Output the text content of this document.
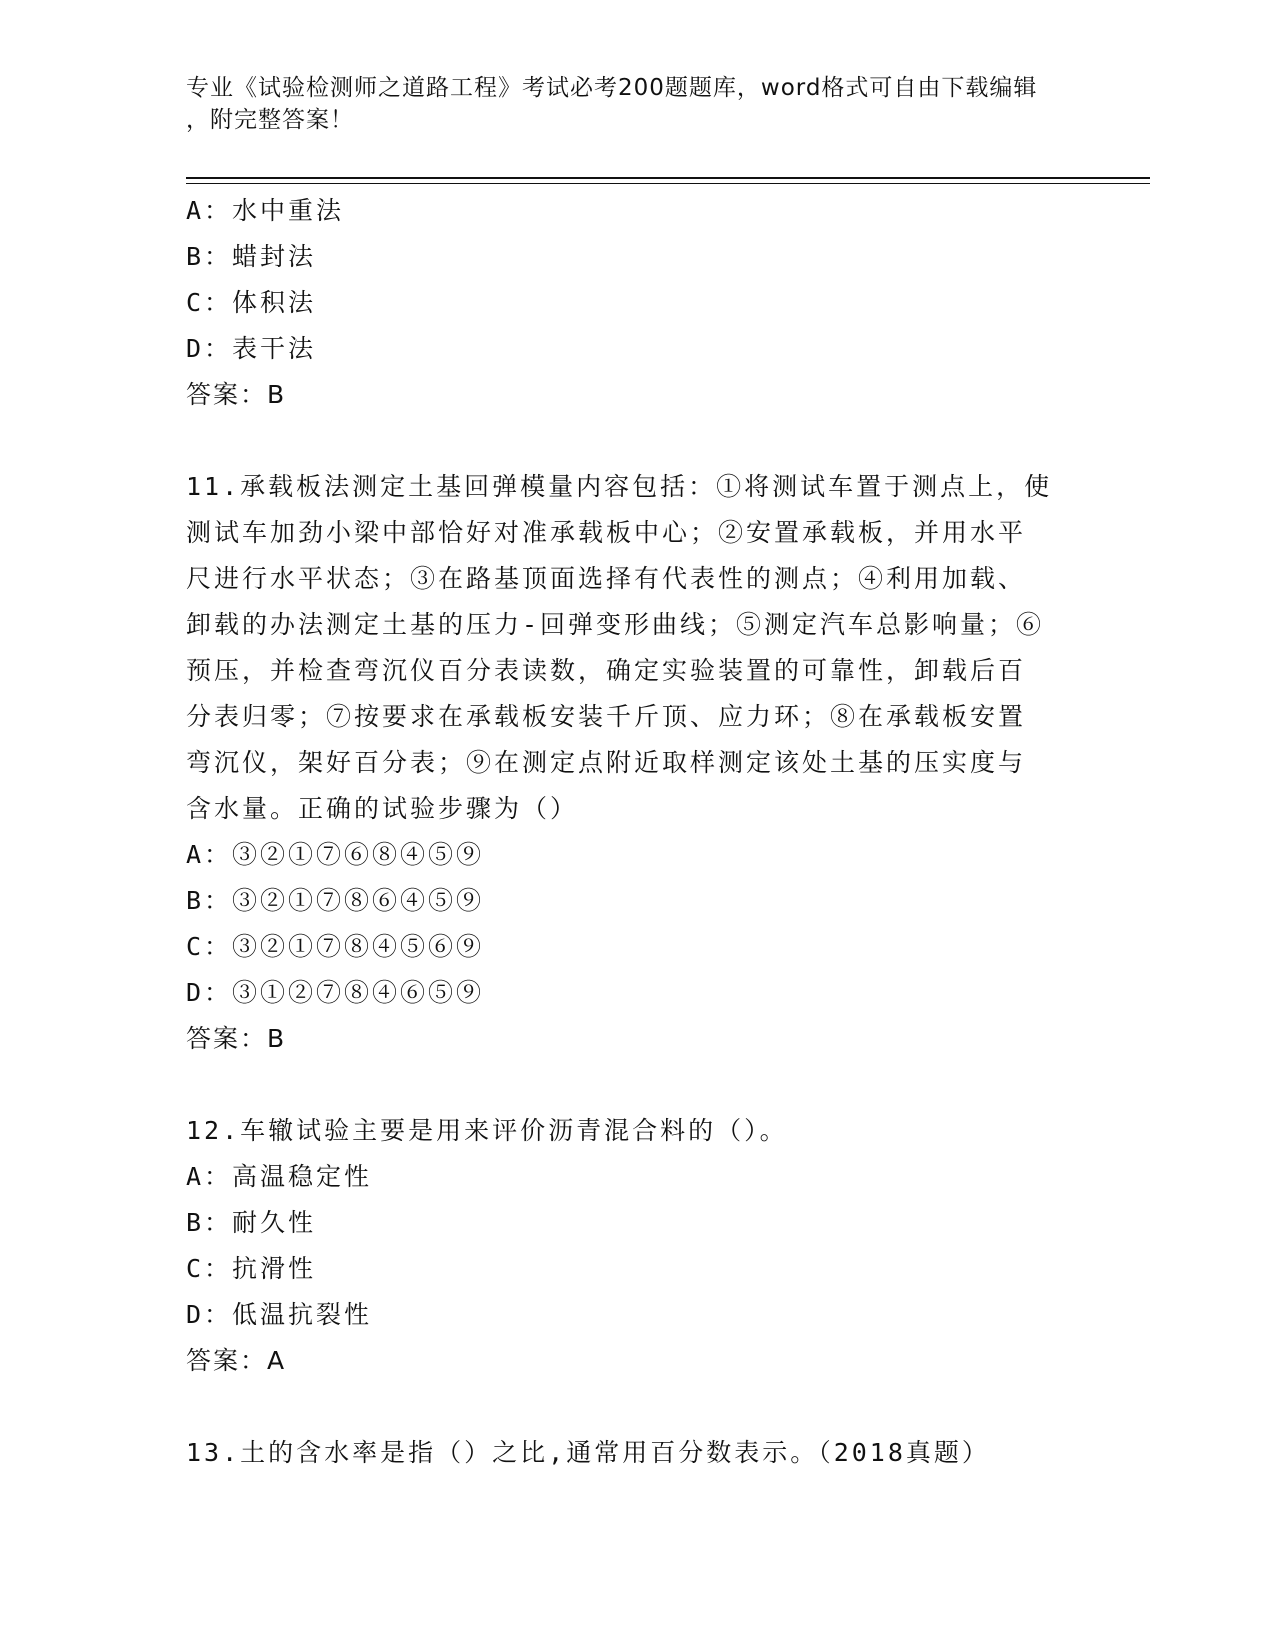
专业《试验检测师之道路工程》考试必考200题题库，word格式可自由下载编辑
，附完整答案！
A：水中重法
B：蜡封法
C：体积法
D：表干法
答案：B
11.承载板法测定土基回弹模量内容包括：①将测试车置于测点上，使
测试车加劲小梁中部恰好对准承载板中心；②安置承载板，并用水平
尺进行水平状态；③在路基顶面选择有代表性的测点；④利用加载、
卸载的办法测定土基的压力-回弹变形曲线；⑤测定汽车总影响量；⑥
预压，并检查弯沉仪百分表读数，确定实验装置的可靠性，卸载后百
分表归零；⑦按要求在承载板安装千斤顶、应力环；⑧在承载板安置
弯沉仪，架好百分表；⑨在测定点附近取样测定该处土基的压实度与
含水量。正确的试验步骤为（）
A：③②①⑦⑥⑧④⑤⑨
B：③②①⑦⑧⑥④⑤⑨
C：③②①⑦⑧④⑤⑥⑨
D：③①②⑦⑧④⑥⑤⑨
答案：B
12.车辙试验主要是用来评价沥青混合料的（）。
A：高温稳定性
B：耐久性
C：抗滑性
D：低温抗裂性
答案：A
13.土的含水率是指（）之比,通常用百分数表示。（2018真题）
